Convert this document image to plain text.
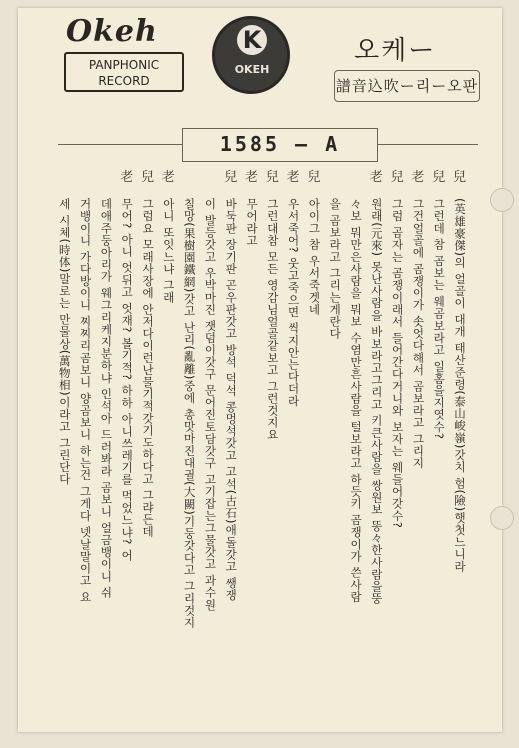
Okeh
PANPHONIC
RECORD
K
OKEH
오케ー
譜音込吹ー리ー오판
1585 — A
兒
(英雄豪傑)의 얼골이 대개 태산준령(泰山峻嶺)갓치 험(險)햇첫느니라
兒
그런데 참 곰보는 웨곰보라고 일홈을지엿수?
老
그건얼골에 곰쟁이가 솟엇다해서 곰보라고 그리지
兒
그럼 곰자는 곰쟁이래서 들어간다거니와 보자는 웨들어갓수?
老
원래(元來) 못난사람을 바보라고그리고 키큰사람을 쌍원보 똥々한사람을뚱
々보 뭐만은사람을 뭐보 수염만흔사람을 털보라고 하듯키 곰쟁이가 쓴사람
을 곰보라고 그리는게란다
兒
아이그 참 우서죽겟네
老
우서죽어? 웃고죽으면 씩지안는다더라
兒
그런대참 모든 영감님얼골같보고 그런것지요
老
무어라고
兒
바둑판 장기판 곤우판갓고 방석 덕석 콩멍석갓고 고석(古石)애돌갓고 쌩쟁
이 발등갓고 우박마진 잿덤이갓구 문어진토담갓구 고기잡는그물갓고 과수원
칠망(果樹園鐵網)갓고 난리(亂離)중에 총맛마진대궐(大闕)기둥갓다고 그리것지
老
아니 또잇느냐 그래
兒
그럼요 모래사장에 안저다이런난물기적갓기도하다고 그랴든데
老
무어? 아니 엇뒤고 엇재? 볼기적? 하하 아니쓰레기를 먹었느냐? 어
데애주둥아리가 웨그리케지분하냐 인석아 드러봐라 곰보니 얼금뱅이니 쉬
거뱅이니 가다방이니 찌찌리곰보니 양곰보니 하는건 그게다 넷날말이고 요
세 시체(時体)말로는 만물상(萬物相)이라고 그린단다
